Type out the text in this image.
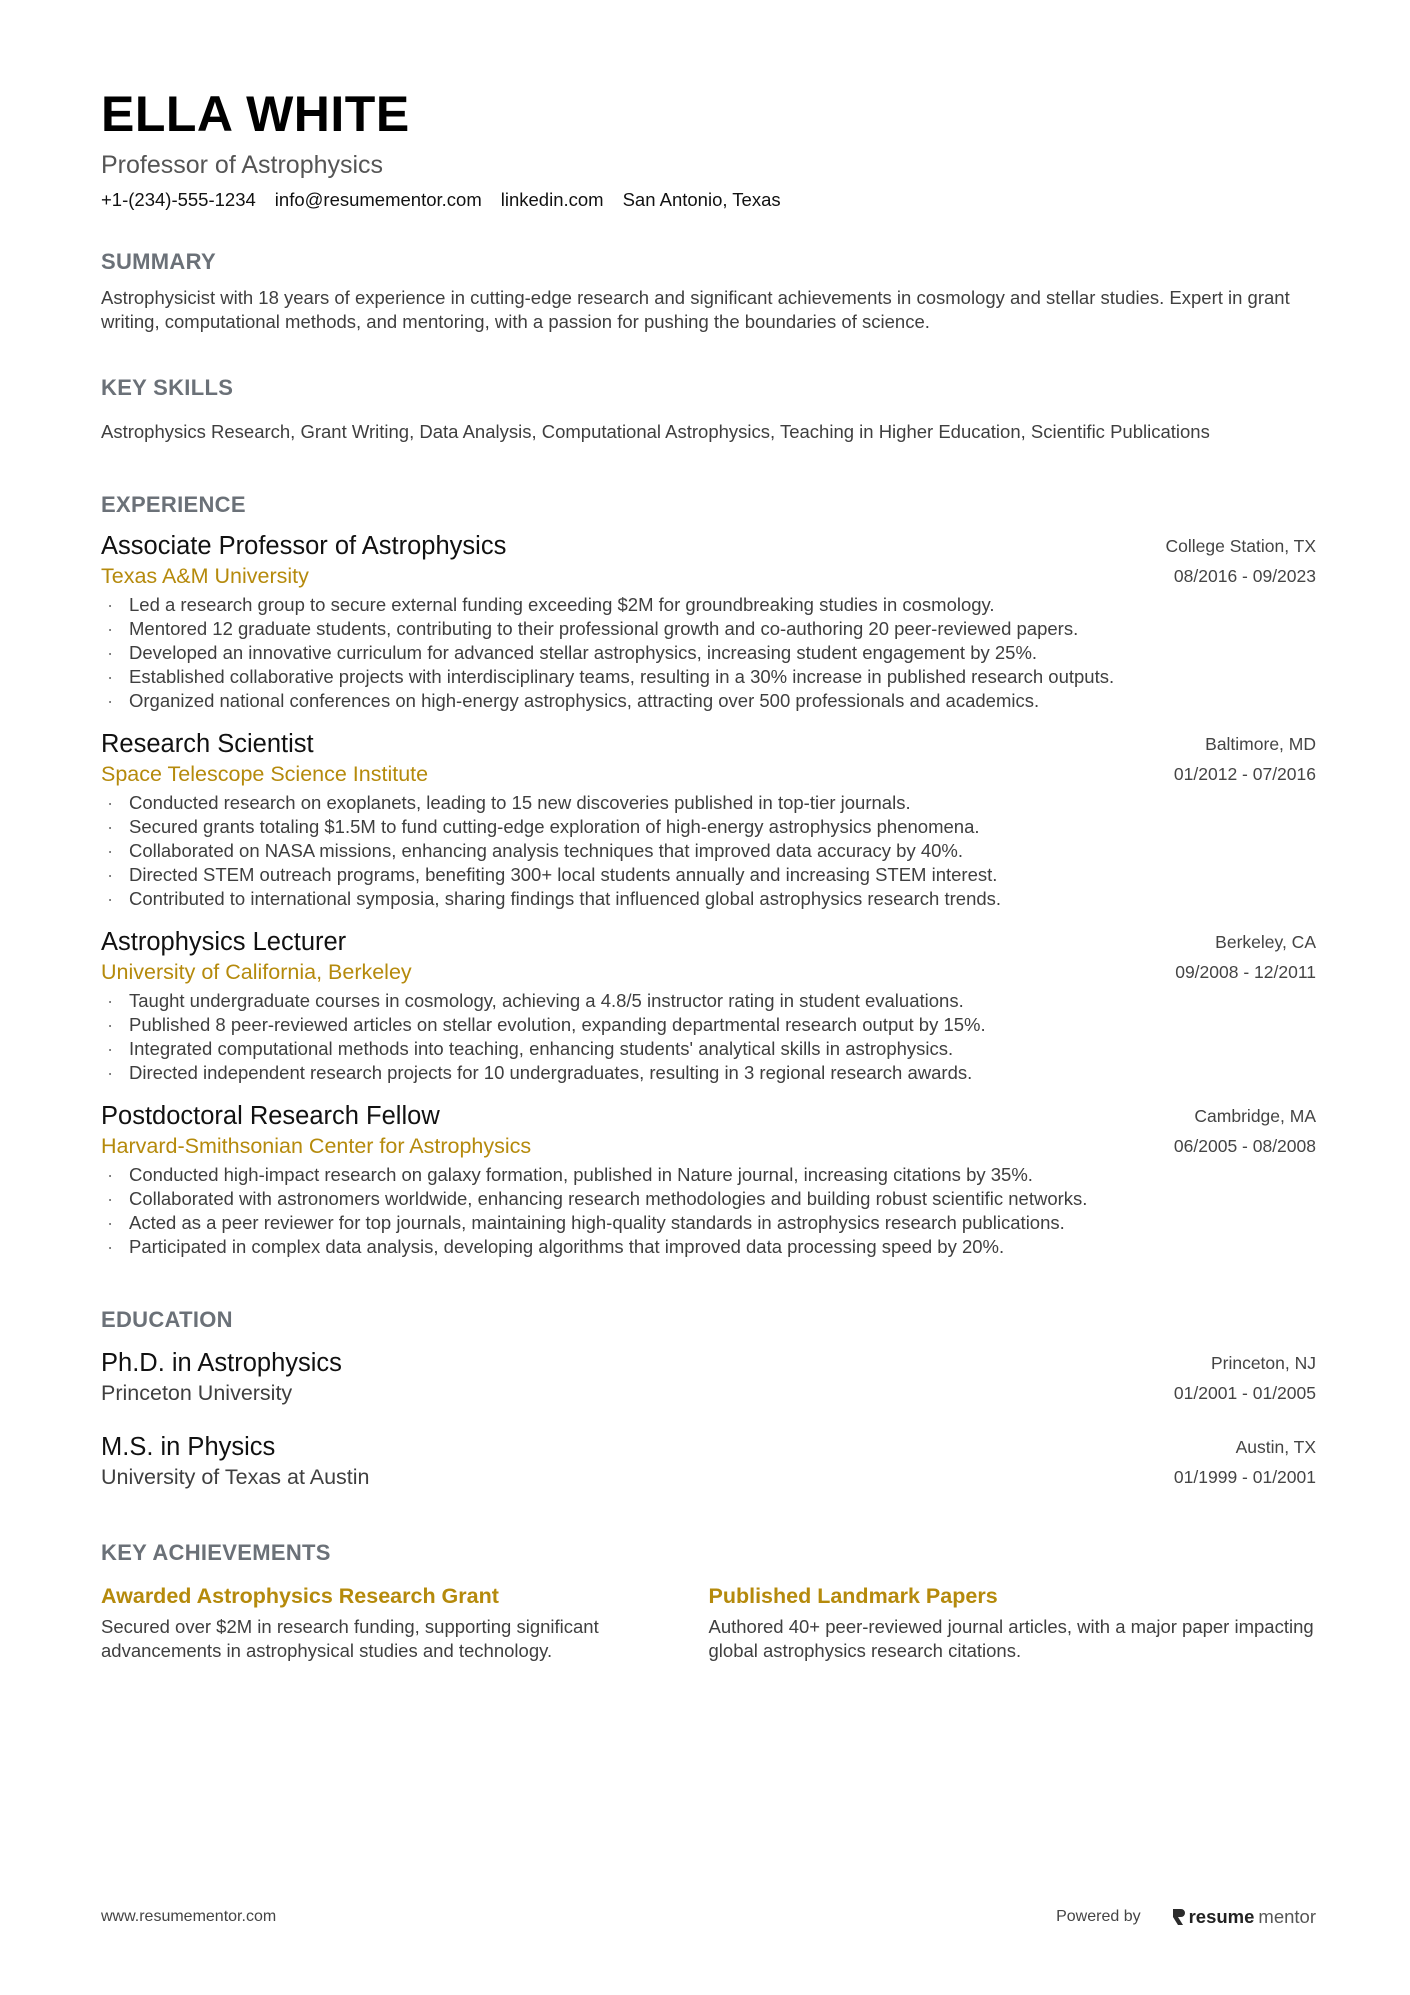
ELLA WHITE
Professor of Astrophysics
+1-(234)-555-1234 info@resumementor.com linkedin.com San Antonio, Texas
SUMMARY
Astrophysicist with 18 years of experience in cutting-edge research and significant achievements in cosmology and stellar studies. Expert in grant writing, computational methods, and mentoring, with a passion for pushing the boundaries of science.
KEY SKILLS
Astrophysics Research, Grant Writing, Data Analysis, Computational Astrophysics, Teaching in Higher Education, Scientific Publications
EXPERIENCE
Associate Professor of Astrophysics
Texas A&M University
College Station, TX
08/2016 - 09/2023
· Led a research group to secure external funding exceeding $2M for groundbreaking studies in cosmology.
· Mentored 12 graduate students, contributing to their professional growth and co-authoring 20 peer-reviewed papers.
· Developed an innovative curriculum for advanced stellar astrophysics, increasing student engagement by 25%.
· Established collaborative projects with interdisciplinary teams, resulting in a 30% increase in published research outputs.
· Organized national conferences on high-energy astrophysics, attracting over 500 professionals and academics.
Research Scientist
Space Telescope Science Institute
Baltimore, MD
01/2012 - 07/2016
· Conducted research on exoplanets, leading to 15 new discoveries published in top-tier journals.
· Secured grants totaling $1.5M to fund cutting-edge exploration of high-energy astrophysics phenomena.
· Collaborated on NASA missions, enhancing analysis techniques that improved data accuracy by 40%.
· Directed STEM outreach programs, benefiting 300+ local students annually and increasing STEM interest.
· Contributed to international symposia, sharing findings that influenced global astrophysics research trends.
Astrophysics Lecturer
University of California, Berkeley
Berkeley, CA
09/2008 - 12/2011
· Taught undergraduate courses in cosmology, achieving a 4.8/5 instructor rating in student evaluations.
· Published 8 peer-reviewed articles on stellar evolution, expanding departmental research output by 15%.
· Integrated computational methods into teaching, enhancing students' analytical skills in astrophysics.
· Directed independent research projects for 10 undergraduates, resulting in 3 regional research awards.
Postdoctoral Research Fellow
Harvard-Smithsonian Center for Astrophysics
Cambridge, MA
06/2005 - 08/2008
· Conducted high-impact research on galaxy formation, published in Nature journal, increasing citations by 35%.
· Collaborated with astronomers worldwide, enhancing research methodologies and building robust scientific networks.
· Acted as a peer reviewer for top journals, maintaining high-quality standards in astrophysics research publications.
· Participated in complex data analysis, developing algorithms that improved data processing speed by 20%.
EDUCATION
Ph.D. in Astrophysics
Princeton University
Princeton, NJ
01/2001 - 01/2005
M.S. in Physics
University of Texas at Austin
Austin, TX
01/1999 - 01/2001
KEY ACHIEVEMENTS
Awarded Astrophysics Research Grant
Secured over $2M in research funding, supporting significant advancements in astrophysical studies and technology.
Published Landmark Papers
Authored 40+ peer-reviewed journal articles, with a major paper impacting global astrophysics research citations.
www.resumementor.com	Powered by	resume mentor
